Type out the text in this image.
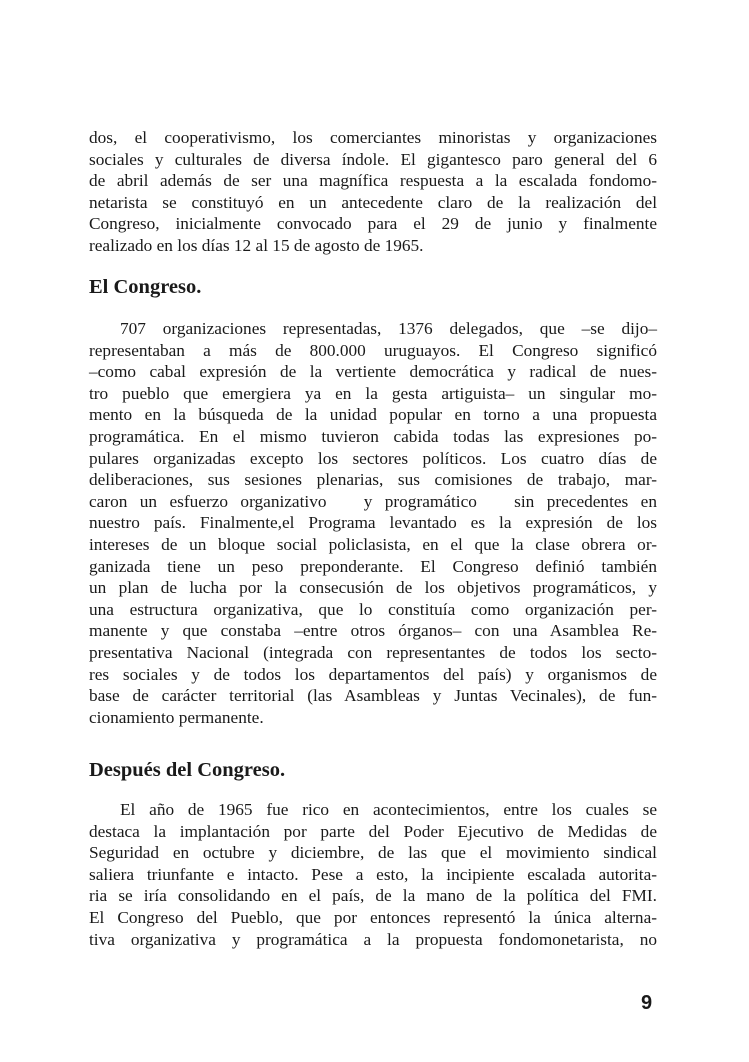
dos, el cooperativismo, los comerciantes minoristas y organizaciones
sociales y culturales de diversa índole. El gigantesco paro general del 6
de abril además de ser una magnífica respuesta a la escalada fondomo-
netarista se constituyó en un antecedente claro de la realización del
Congreso, inicialmente convocado para el 29 de junio y finalmente
realizado en los días 12 al 15 de agosto de 1965.
El Congreso.
707 organizaciones representadas, 1376 delegados, que –se dijo–
representaban a más de 800.000 uruguayos. El Congreso significó
–como cabal expresión de la vertiente democrática y radical de nues-
tro pueblo que emergiera ya en la gesta artiguista– un singular mo-
mento en la búsqueda de la unidad popular en torno a una propuesta
programática. En el mismo tuvieron cabida todas las expresiones po-
pulares organizadas excepto los sectores políticos. Los cuatro días de
deliberaciones, sus sesiones plenarias, sus comisiones de trabajo, mar-
caron un esfuerzo organizativo   y programático   sin precedentes en
nuestro país. Finalmente,el Programa levantado es la expresión de los
intereses de un bloque social policlasista, en el que la clase obrera or-
ganizada tiene un peso preponderante. El Congreso definió también
un plan de lucha por la consecusión de los objetivos programáticos, y
una estructura organizativa, que lo constituía como organización per-
manente y que constaba –entre otros órganos– con una Asamblea Re-
presentativa Nacional (integrada con representantes de todos los secto-
res sociales y de todos los departamentos del país) y organismos de
base de carácter territorial (las Asambleas y Juntas Vecinales), de fun-
cionamiento permanente.
Después del Congreso.
El año de 1965 fue rico en acontecimientos, entre los cuales se
destaca la implantación por parte del Poder Ejecutivo de Medidas de
Seguridad en octubre y diciembre, de las que el movimiento sindical
saliera triunfante e intacto. Pese a esto, la incipiente escalada autorita-
ria se iría consolidando en el país, de la mano de la política del FMI.
El Congreso del Pueblo, que por entonces representó la única alterna-
tiva organizativa y programática a la propuesta fondomonetarista, no
9
